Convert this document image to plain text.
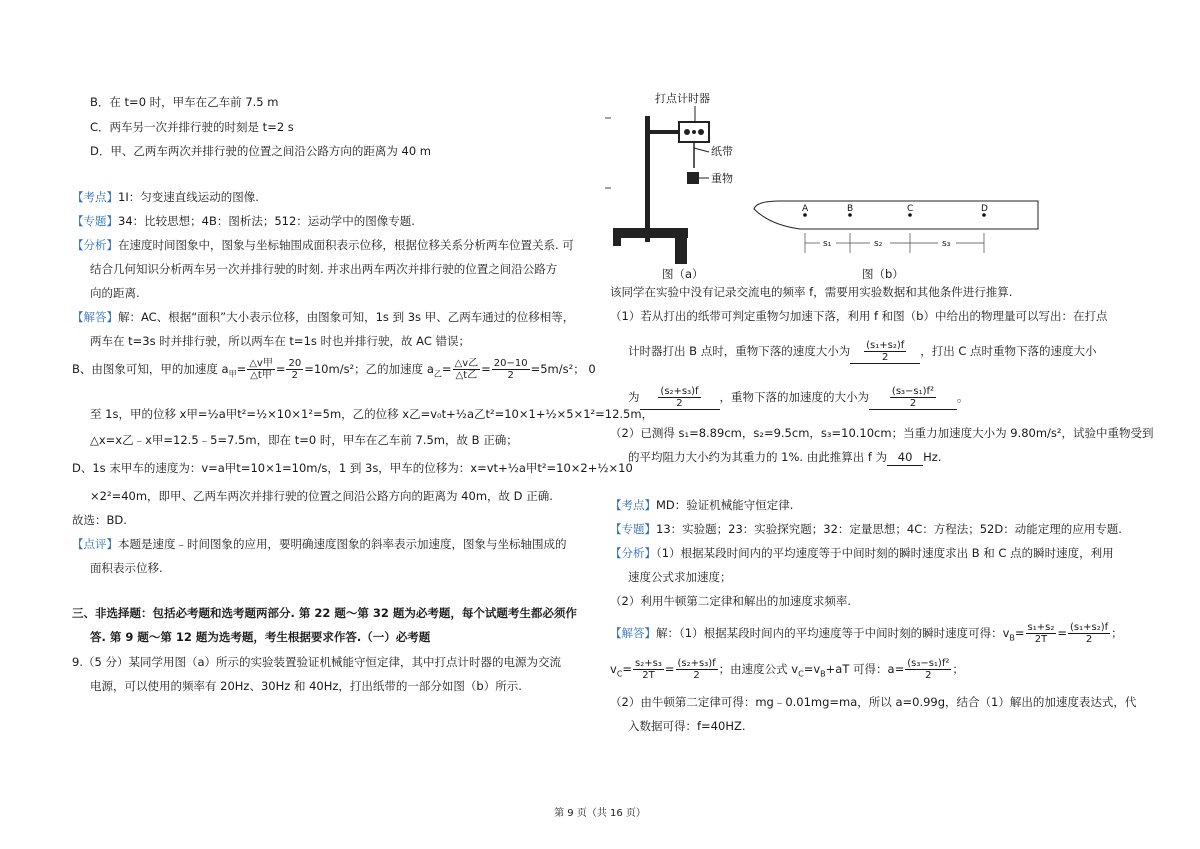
B．在 t=0 时，甲车在乙车前 7.5 m
C．两车另一次并排行驶的时刻是 t=2 s
D．甲、乙两车两次并排行驶的位置之间沿公路方向的距离为 40 m
【考点】1I：匀变速直线运动的图像.
【专题】34：比较思想；4B：图析法；512：运动学中的图像专题.
【分析】在速度时间图象中，图象与坐标轴围成面积表示位移，根据位移关系分析两车位置关系. 可
结合几何知识分析两车另一次并排行驶的时刻. 并求出两车两次并排行驶的位置之间沿公路方
向的距离.
【解答】解：AC、根据“面积”大小表示位移，由图象可知，1s 到 3s 甲、乙两车通过的位移相等，
两车在 t=3s 时并排行驶，所以两车在 t=1s 时也并排行驶，故 AC 错误；
B、由图象可知，甲的加速度 $a_甲= \frac{\text{△v甲}}{\text{△t甲}} = \frac{20}{2} =10m/s^2$；乙的加速度 $a_乙= \frac{\text{△v乙}}{\text{△t乙}} = \frac{20-10}{2} =5m/s^2$； 0
至 1s，甲的位移 x甲=½a甲t²=½×10×1²=5m，乙的位移 x乙=v₀t+½a乙t²=10×1+½×5×1²=12.5m，
△x=x乙﹣x甲=12.5﹣5=7.5m，即在 t=0 时，甲车在乙车前 7.5m，故 B 正确；
D、1s 末甲车的速度为：v=a甲t=10×1=10m/s，1 到 3s，甲车的位移为：x=vt+½a甲t²=10×2+½×10
×2²=40m，即甲、乙两车两次并排行驶的位置之间沿公路方向的距离为 40m，故 D 正确.
故选：BD.
【点评】本题是速度﹣时间图象的应用，要明确速度图象的斜率表示加速度，图象与坐标轴围成的
面积表示位移.
三、非选择题：包括必考题和选考题两部分. 第 22 题～第 32 题为必考题，每个试题考生都必须作
答. 第 9 题～第 12 题为选考题，考生根据要求作答.（一）必考题
9.（5 分）某同学用图（a）所示的实验装置验证机械能守恒定律，其中打点计时器的电源为交流
电源，可以使用的频率有 20Hz、30Hz 和 40Hz，打出纸带的一部分如图（b）所示.
打点计时器
纸带
重物
A	B	C	D
s₁	s₂	s₃
图（a）	图（b）
该同学在实验中没有记录交流电的频率 f，需要用实验数据和其他条件进行推算.
（1）若从打出的纸带可判定重物匀加速下落，利用 f 和图（b）中给出的物理量可以写出：在打点
计时器打出 B 点时，重物下落的速度大小为 $\frac{\text{(s₁+s₂)f}}{2}$ ，打出 C 点时重物下落的速度大小
为 $\frac{\text{(s₂+s₃)f}}{2}$ ，重物下落的加速度的大小为 $\frac{\text{(s₃−s₁)f²}}{2}$ 。
（2）已测得 s₁=8.89cm，s₂=9.5cm，s₃=10.10cm；当重力加速度大小为 9.80m/s²，试验中重物受到
的平均阻力大小约为其重力的 1%. 由此推算出 f 为 40 Hz.
【考点】MD：验证机械能守恒定律.
【专题】13：实验题；23：实验探究题；32：定量思想；4C：方程法；52D：动能定理的应用专题.
【分析】（1）根据某段时间内的平均速度等于中间时刻的瞬时速度求出 B 和 C 点的瞬时速度，利用
速度公式求加速度；
（2）利用牛顿第二定律和解出的加速度求频率.
【解答】解：（1）根据某段时间内的平均速度等于中间时刻的瞬时速度可得：$v_B= \frac{\text{s₁+s₂}}{2T} = \frac{\text{(s₁+s₂)f}}{2}$ ；
$v_C= \frac{\text{s₂+s₃}}{2T} = \frac{\text{(s₂+s₃)f}}{2}$ ；由速度公式 $v_C=v_B+aT$ 可得：$a= \frac{\text{(s₃−s₁)f²}}{2}$ ；
（2）由牛顿第二定律可得：mg﹣0.01mg=ma，所以 a=0.99g，结合（1）解出的加速度表达式，代
入数据可得：f=40HZ.
第 9 页（共 16 页）
